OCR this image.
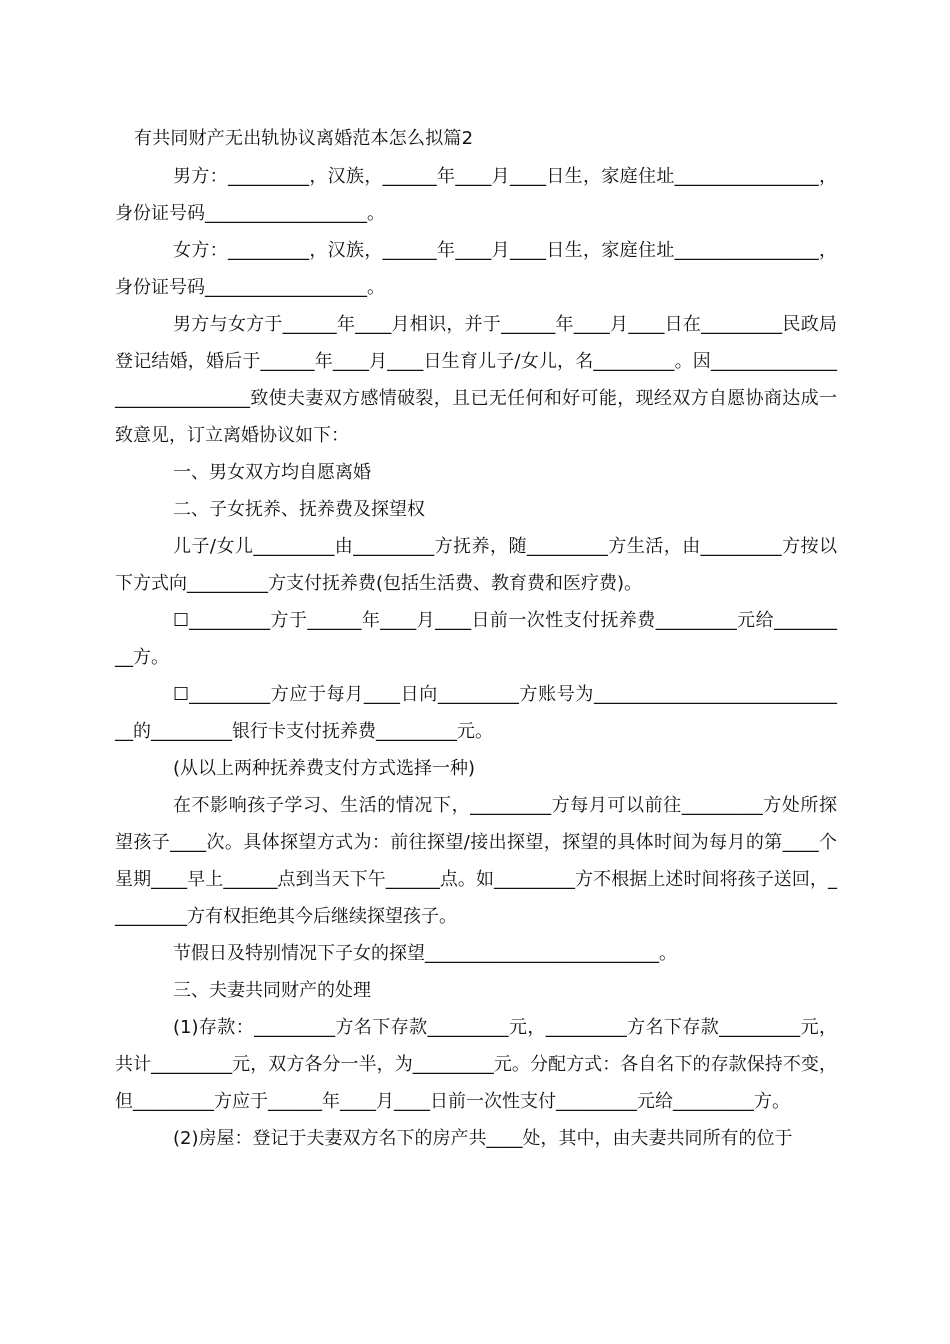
有共同财产无出轨协议离婚范本怎么拟篇2

男方：_________，汉族，______年____月____日生，家庭住址________________，身份证号码__________________。

女方：_________，汉族，______年____月____日生，家庭住址________________，身份证号码__________________。

男方与女方于______年____月相识，并于______年____月____日在_________民政局登记结婚，婚后于______年____月____日生育儿子/女儿，名_________。因_____________________________致使夫妻双方感情破裂，且已无任何和好可能，现经双方自愿协商达成一致意见，订立离婚协议如下：

一、男女双方均自愿离婚

二、子女抚养、抚养费及探望权

儿子/女儿_________由_________方抚养，随_________方生活，由_________方按以下方式向_________方支付抚养费(包括生活费、教育费和医疗费)。

☐_________方于______年____月____日前一次性支付抚养费_________元给_________方。

☐_________方应于每月____日向_________方账号为_____________________________的_________银行卡支付抚养费_________元。

(从以上两种抚养费支付方式选择一种)

在不影响孩子学习、生活的情况下，_________方每月可以前往_________方处所探望孩子____次。具体探望方式为：前往探望/接出探望，探望的具体时间为每月的第____个星期____早上______点到当天下午______点。如_________方不根据上述时间将孩子送回，_________方有权拒绝其今后继续探望孩子。

节假日及特别情况下子女的探望__________________________。

三、夫妻共同财产的处理

(1)存款：_________方名下存款_________元，_________方名下存款_________元，共计_________元，双方各分一半，为_________元。分配方式：各自名下的存款保持不变，但_________方应于______年____月____日前一次性支付_________元给_________方。

(2)房屋：登记于夫妻双方名下的房产共____处，其中，由夫妻共同所有的位于
